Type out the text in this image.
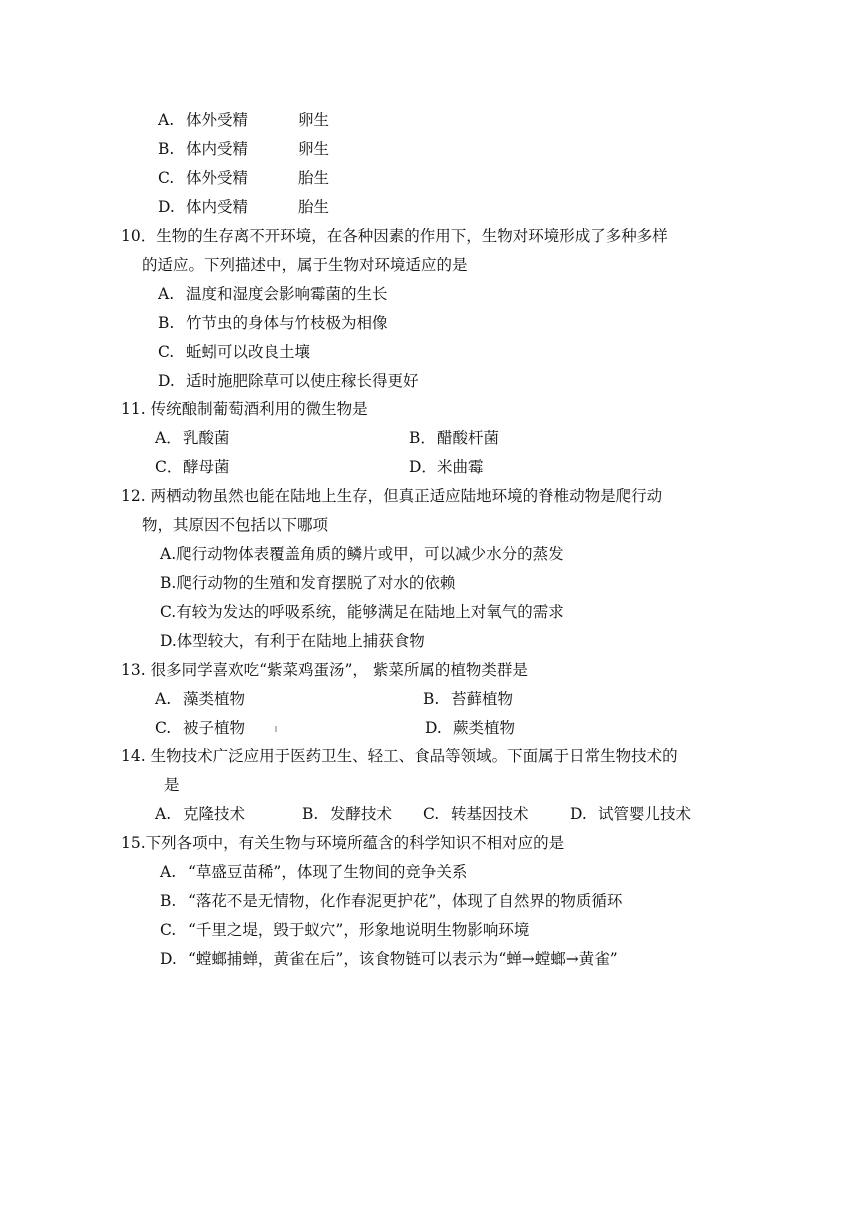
A. 体外受精	卵生
B. 体内受精	卵生
C. 体外受精	胎生
D. 体内受精	胎生
10．生物的生存离不开环境，在各种因素的作用下，生物对环境形成了多种多样
的适应。下列描述中，属于生物对环境适应的是
A. 温度和湿度会影响霉菌的生长
B. 竹节虫的身体与竹枝极为相像
C. 蚯蚓可以改良土壤
D. 适时施肥除草可以使庄稼长得更好
11. 传统酿制葡萄酒利用的微生物是
A．乳酸菌	B．醋酸杆菌
C．酵母菌	D．米曲霉
12. 两栖动物虽然也能在陆地上生存，但真正适应陆地环境的脊椎动物是爬行动
物，其原因不包括以下哪项
A.爬行动物体表覆盖角质的鳞片或甲，可以减少水分的蒸发
B.爬行动物的生殖和发育摆脱了对水的依赖
C.有较为发达的呼吸系统，能够满足在陆地上对氧气的需求
D.体型较大，有利于在陆地上捕获食物
13. 很多同学喜欢吃“紫菜鸡蛋汤”， 紫菜所属的植物类群是
A. 藻类植物	B. 苔藓植物
C. 被子植物	D. 蕨类植物
14. 生物技术广泛应用于医药卫生、轻工、食品等领域。下面属于日常生物技术的
是
A. 克隆技术	B. 发酵技术 C. 转基因技术	D. 试管婴儿技术
15.下列各项中，有关生物与环境所蕴含的科学知识不相对应的是
A. “草盛豆苗稀”，体现了生物间的竞争关系
B. “落花不是无情物，化作春泥更护花”，体现了自然界的物质循环
C. “千里之堤，毁于蚁穴”，形象地说明生物影响环境
D. “螳螂捕蝉，黄雀在后”，该食物链可以表示为“蝉→螳螂→黄雀”
